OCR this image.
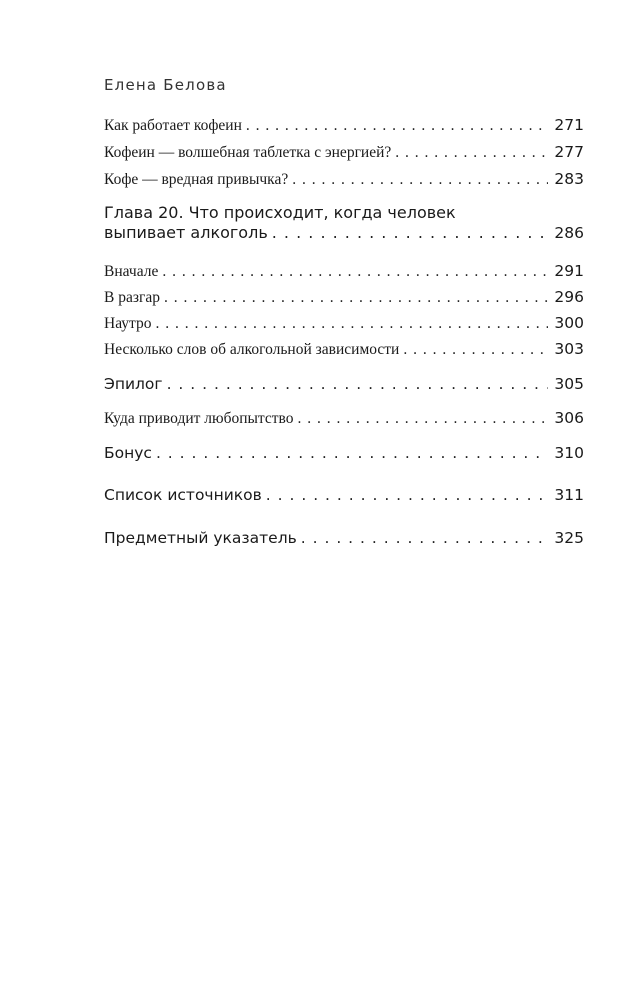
Елена Белова
Как работает кофеин . . .	271
Кофеин — волшебная таблетка с энергией? . . .	277
Кофе — вредная привычка? . . .	283
Глава 20. Что происходит, когда человек
выпивает алкоголь . . .	286
Вначале . . .	291
В разгар . . .	296
Наутро . . .	300
Несколько слов об алкогольной зависимости . . .	303
Эпилог . . .	305
Куда приводит любопытство . . .	306
Бонус . . .	310
Список источников . . .	311
Предметный указатель . . .	325
